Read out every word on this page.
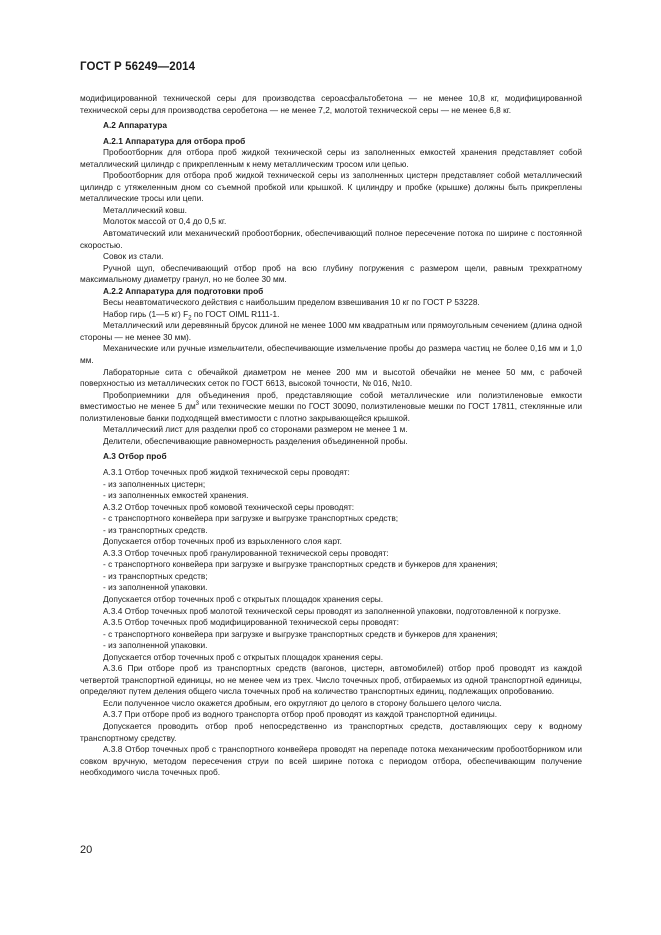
ГОСТ Р 56249—2014

модифицированной технической серы для производства сероасфальтобетона — не менее 10,8 кг, модифицированной технической серы для производства серобетона — не менее 7,2, молотой технической серы — не менее 6,8 кг.

А.2 Аппаратура

А.2.1 Аппаратура для отбора проб

Пробоотборник для отбора проб жидкой технической серы из заполненных емкостей хранения представляет собой металлический цилиндр с прикрепленным к нему металлическим тросом или цепью.

Пробоотборник для отбора проб жидкой технической серы из заполненных цистерн представляет собой металлический цилиндр с утяжеленным дном со съемной пробкой или крышкой. К цилиндру и пробке (крышке) должны быть прикреплены металлические тросы или цепи.

Металлический ковш.

Молоток массой от 0,4 до 0,5 кг.

Автоматический или механический пробоотборник, обеспечивающий полное пересечение потока по ширине с постоянной скоростью.

Совок из стали.

Ручной щуп, обеспечивающий отбор проб на всю глубину погружения с размером щели, равным трехкратному максимальному диаметру гранул, но не более 30 мм.

А.2.2 Аппаратура для подготовки проб

Весы неавтоматического действия с наибольшим пределом взвешивания 10 кг по ГОСТ Р 53228.

Набор гирь (1—5 кг) $F_2$ по ГОСТ OIML R111-1.

Металлический или деревянный брусок длиной не менее 1000 мм квадратным или прямоугольным сечением (длина одной стороны — не менее 30 мм).

Механические или ручные измельчители, обеспечивающие измельчение пробы до размера частиц не более 0,16 мм и 1,0 мм.

Лабораторные сита с обечайкой диаметром не менее 200 мм и высотой обечайки не менее 50 мм, с рабочей поверхностью из металлических сеток по ГОСТ 6613, высокой точности, № 016, №10.

Пробоприемники для объединения проб, представляющие собой металлические или полиэтиленовые емкости вместимостью не менее 5 $дм^3$ или технические мешки по ГОСТ 30090, полиэтиленовые мешки по ГОСТ 17811, стеклянные или полиэтиленовые банки подходящей вместимости с плотно закрывающейся крышкой.

Металлический лист для разделки проб со сторонами размером не менее 1 м.

Делители, обеспечивающие равномерность разделения объединенной пробы.

А.3 Отбор проб

А.3.1 Отбор точечных проб жидкой технической серы проводят:

- из заполненных цистерн;

- из заполненных емкостей хранения.

А.3.2 Отбор точечных проб комовой технической серы проводят:

- с транспортного конвейера при загрузке и выгрузке транспортных средств;

- из транспортных средств.

Допускается отбор точечных проб из взрыхленного слоя карт.

А.3.3 Отбор точечных проб гранулированной технической серы проводят:

- с транспортного конвейера при загрузке и выгрузке транспортных средств и бункеров для хранения;

- из транспортных средств;

- из заполненной упаковки.

Допускается отбор точечных проб с открытых площадок хранения серы.

А.3.4 Отбор точечных проб молотой технической серы проводят из заполненной упаковки, подготовленной к погрузке.

А.3.5 Отбор точечных проб модифицированной технической серы проводят:

- с транспортного конвейера при загрузке и выгрузке транспортных средств и бункеров для хранения;

- из заполненной упаковки.

Допускается отбор точечных проб с открытых площадок хранения серы.

А.3.6 При отборе проб из транспортных средств (вагонов, цистерн, автомобилей) отбор проб проводят из каждой четвертой транспортной единицы, но не менее чем из трех. Число точечных проб, отбираемых из одной транспортной единицы, определяют путем деления общего числа точечных проб на количество транспортных единиц, подлежащих опробованию.

Если полученное число окажется дробным, его округляют до целого в сторону большего целого числа.

А.3.7 При отборе проб из водного транспорта отбор проб проводят из каждой транспортной единицы.

Допускается проводить отбор проб непосредственно из транспортных средств, доставляющих серу к водному транспортному средству.

А.3.8 Отбор точечных проб с транспортного конвейера проводят на перепаде потока механическим пробоотборником или совком вручную, методом пересечения струи по всей ширине потока с периодом отбора, обеспечивающим получение необходимого числа точечных проб.

20
